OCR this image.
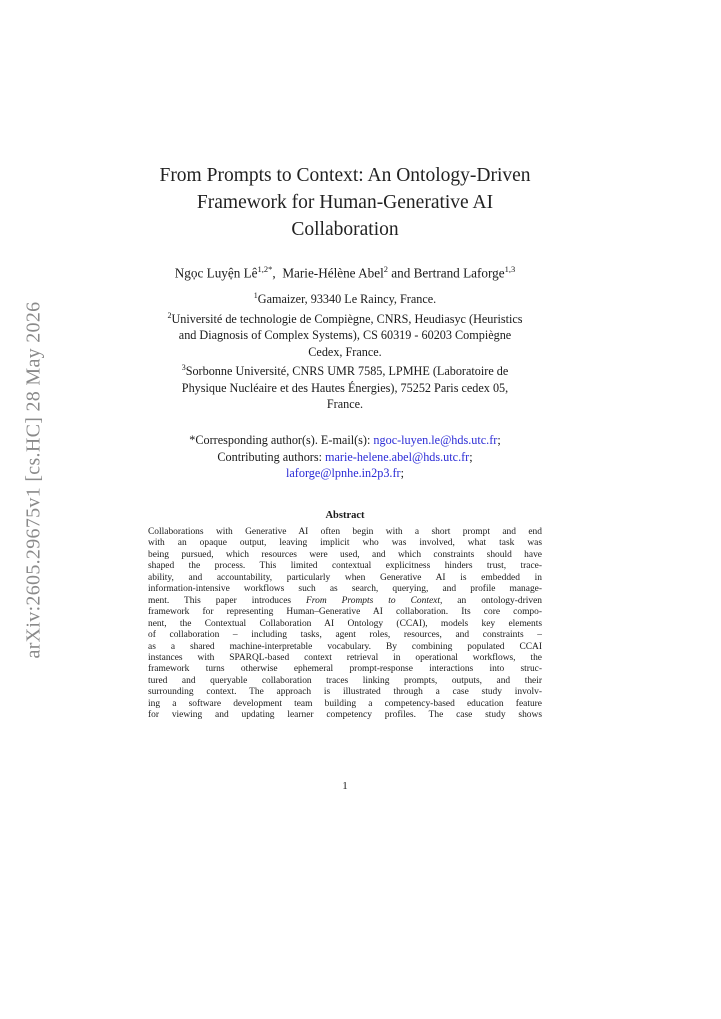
arXiv:2605.29675v1 [cs.HC] 28 May 2026
From Prompts to Context: An Ontology-Driven
Framework for Human-Generative AI
Collaboration
Ngọc Luyện $Lê^{1,2*}$,  Marie-Hélène Abel$^2$ and Bertrand Laforge$^{1,3}$
$^1$Gamaizer, 93340 Le Raincy, France.
$^2$Université de technologie de Compiègne, CNRS, Heudiasyc (Heuristics
and Diagnosis of Complex Systems), CS 60319 - 60203 Compiègne
Cedex, France.
$^3$Sorbonne Université, CNRS UMR 7585, LPMHE (Laboratoire de
Physique Nucléaire et des Hautes Énergies), 75252 Paris cedex 05,
France.
*Corresponding author(s). E-mail(s): ngoc-luyen.le@hds.utc.fr;
Contributing authors: marie-helene.abel@hds.utc.fr;
laforge@lpnhe.in2p3.fr;
Abstract
Collaborations with Generative AI often begin with a short prompt and end
with an opaque output, leaving implicit who was involved, what task was
being pursued, which resources were used, and which constraints should have
shaped the process. This limited contextual explicitness hinders trust, trace-
ability, and accountability, particularly when Generative AI is embedded in
information-intensive workflows such as search, querying, and profile manage-
ment. This paper introduces From Prompts to Context, an ontology-driven
framework for representing Human–Generative AI collaboration. Its core compo-
nent, the Contextual Collaboration AI Ontology (CCAI), models key elements
of collaboration – including tasks, agent roles, resources, and constraints –
as a shared machine-interpretable vocabulary. By combining populated CCAI
instances with SPARQL-based context retrieval in operational workflows, the
framework turns otherwise ephemeral prompt-response interactions into struc-
tured and queryable collaboration traces linking prompts, outputs, and their
surrounding context. The approach is illustrated through a case study involv-
ing a software development team building a competency-based education feature
for viewing and updating learner competency profiles. The case study shows
1
